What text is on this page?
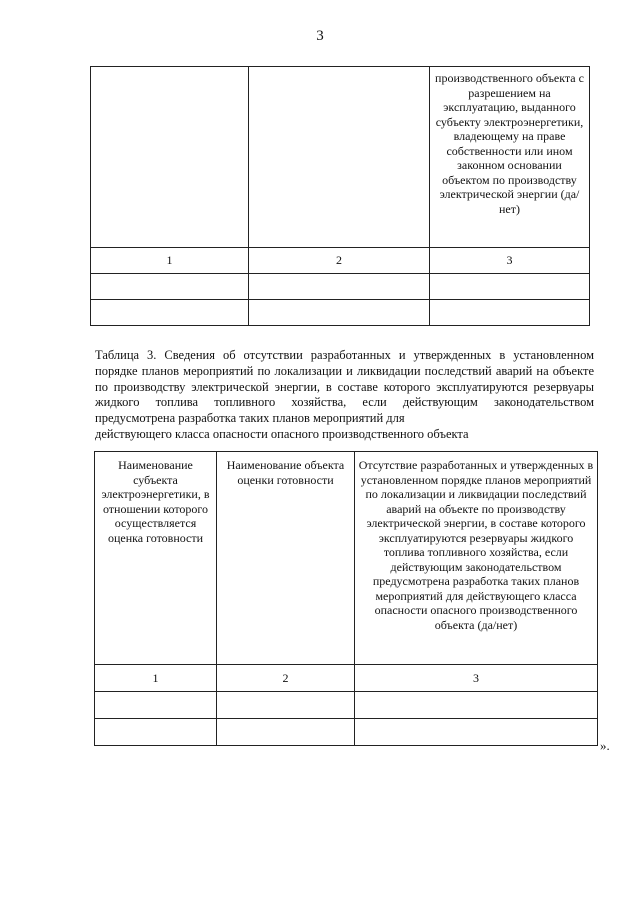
3
		производственного объекта с разрешением на эксплуатацию, выданного субъекту электроэнергетики, владеющему на праве собственности или ином законном основании объектом по производству электрической энергии (да/нет)
1	2	3

Таблица 3. Сведения об отсутствии разработанных и утвержденных в установленном порядке планов мероприятий по локализации и ликвидации последствий аварий на объекте по производству электрической энергии, в составе которого эксплуатируются резервуары жидкого топлива топливного хозяйства, если действующим законодательством предусмотрена разработка таких планов мероприятий для
действующего класса опасности опасного производственного объекта
Наименование субъекта электроэнергетики, в отношении которого осуществляется оценка готовности	Наименование объекта оценки готовности	Отсутствие разработанных и утвержденных в установленном порядке планов мероприятий по локализации и ликвидации последствий аварий на объекте по производству электрической энергии, в составе которого эксплуатируются резервуары жидкого топлива топливного хозяйства, если действующим законодательством предусмотрена разработка таких планов мероприятий для действующего класса опасности опасного производственного объекта (да/нет)
1	2	3

».
